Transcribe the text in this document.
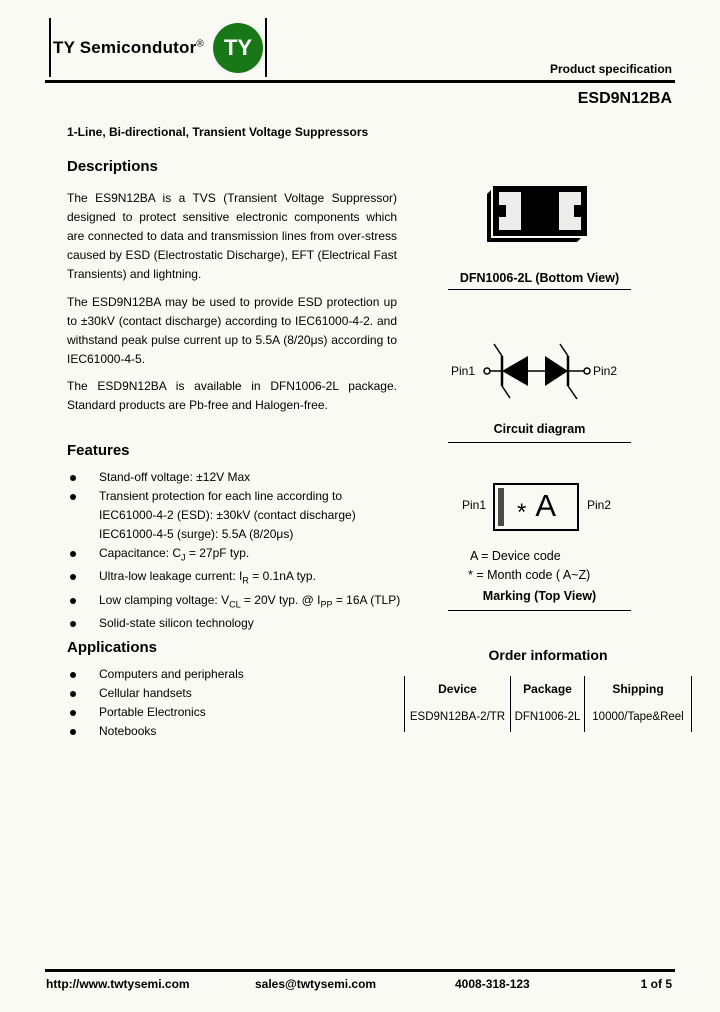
TY Semicondutor® TY
Product specification
ESD9N12BA
1-Line, Bi-directional, Transient Voltage Suppressors
Descriptions
The ES9N12BA is a TVS (Transient Voltage Suppressor) designed to protect sensitive electronic components which are connected to data and transmission lines from over-stress caused by ESD (Electrostatic Discharge), EFT (Electrical Fast Transients) and lightning.
The ESD9N12BA may be used to provide ESD protection up to ±30kV (contact discharge) according to IEC61000-4-2. and withstand peak pulse current up to 5.5A (8/20μs) according to IEC61000-4-5.
The ESD9N12BA is available in DFN1006-2L package. Standard products are Pb-free and Halogen-free.
Features
Stand-off voltage: ±12V Max
Transient protection for each line according to
IEC61000-4-2 (ESD): ±30kV (contact discharge)
IEC61000-4-5 (surge): 5.5A (8/20μs)
Capacitance: $C_J = 27pF$ typ.
Ultra-low leakage current: $I_R = 0.1nA$ typ.
Low clamping voltage: $V_{CL} = 20V$ typ. @ $I_{PP} = 16A$ (TLP)
Solid-state silicon technology
Applications
Computers and peripherals
Cellular handsets
Portable Electronics
Notebooks
DFN1006-2L (Bottom View)
Pin1	Pin2
Circuit diagram
* A
Pin1	Pin2
A = Device code
* = Month code ( A~Z)
Marking (Top View)
Order information
Device	Package	Shipping
ESD9N12BA-2/TR DFN1006-2L	10000/Tape&Reel
http://www.twtysemi.com	sales@twtysemi.com	4008-318-123	1 of 5
